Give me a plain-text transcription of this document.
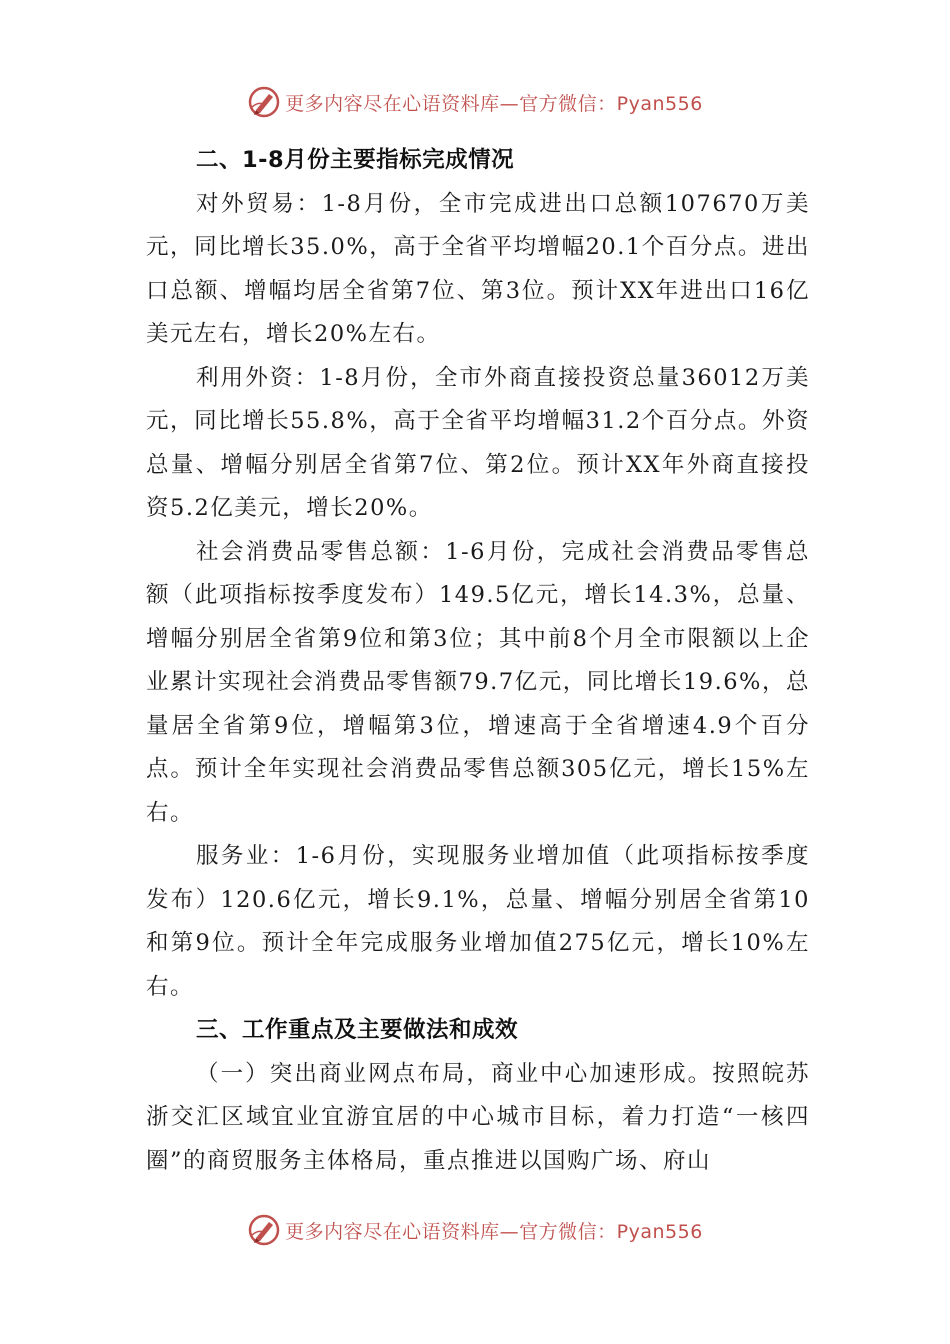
更多内容尽在心语资料库—官方微信：Pyan556
二、1-8月份主要指标完成情况

对外贸易：1-8月份，全市完成进出口总额107670万美元，同比增长35.0%，高于全省平均增幅20.1个百分点。进出口总额、增幅均居全省第7位、第3位。预计XX年进出口16亿美元左右，增长20%左右。

利用外资：1-8月份，全市外商直接投资总量36012万美元，同比增长55.8%，高于全省平均增幅31.2个百分点。外资总量、增幅分别居全省第7位、第2位。预计XX年外商直接投资5.2亿美元，增长20%。

社会消费品零售总额：1-6月份，完成社会消费品零售总额（此项指标按季度发布）149.5亿元，增长14.3%，总量、增幅分别居全省第9位和第3位；其中前8个月全市限额以上企业累计实现社会消费品零售额79.7亿元，同比增长19.6%，总量居全省第9位，增幅第3位，增速高于全省增速4.9个百分点。预计全年实现社会消费品零售总额305亿元，增长15%左右。

服务业：1-6月份，实现服务业增加值（此项指标按季度发布）120.6亿元，增长9.1%，总量、增幅分别居全省第10和第9位。预计全年完成服务业增加值275亿元，增长10%左右。

三、工作重点及主要做法和成效

（一）突出商业网点布局，商业中心加速形成。按照皖苏浙交汇区域宜业宜游宜居的中心城市目标，着力打造“一核四圈”的商贸服务主体格局，重点推进以国购广场、府山

更多内容尽在心语资料库—官方微信：Pyan556
